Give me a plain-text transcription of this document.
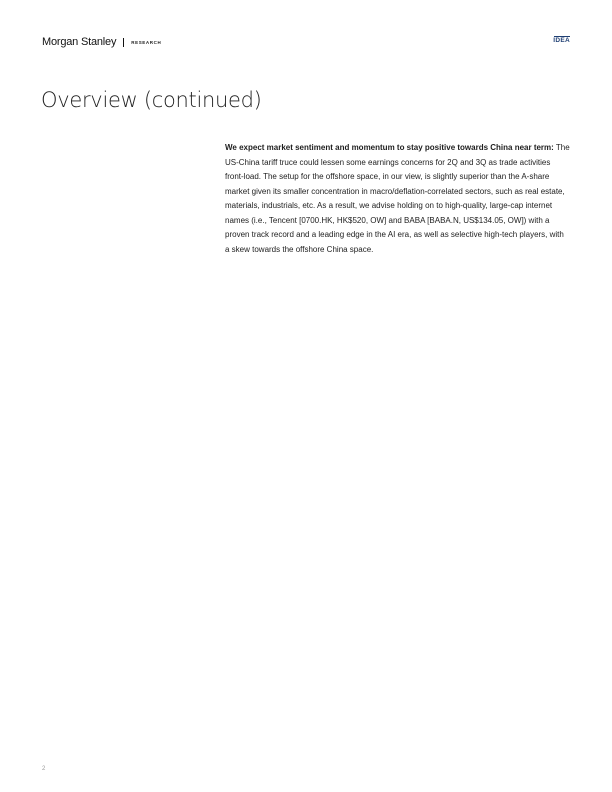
Morgan Stanley	RESEARCH	IDEA
Overview (continued)

We expect market sentiment and momentum to stay positive towards China near term: The US-China tariff truce could lessen some earnings concerns for 2Q and 3Q as trade activities front-load. The setup for the offshore space, in our view, is slightly superior than the A-share market given its smaller concentration in macro/deflation-correlated sectors, such as real estate, materials, industrials, etc. As a result, we advise holding on to high-quality, large-cap internet names (i.e., Tencent [0700.HK, HK$520, OW] and BABA [BABA.N, US$134.05, OW]) with a proven track record and a leading edge in the AI era, as well as selective high-tech players, with a skew towards the offshore China space.

2
